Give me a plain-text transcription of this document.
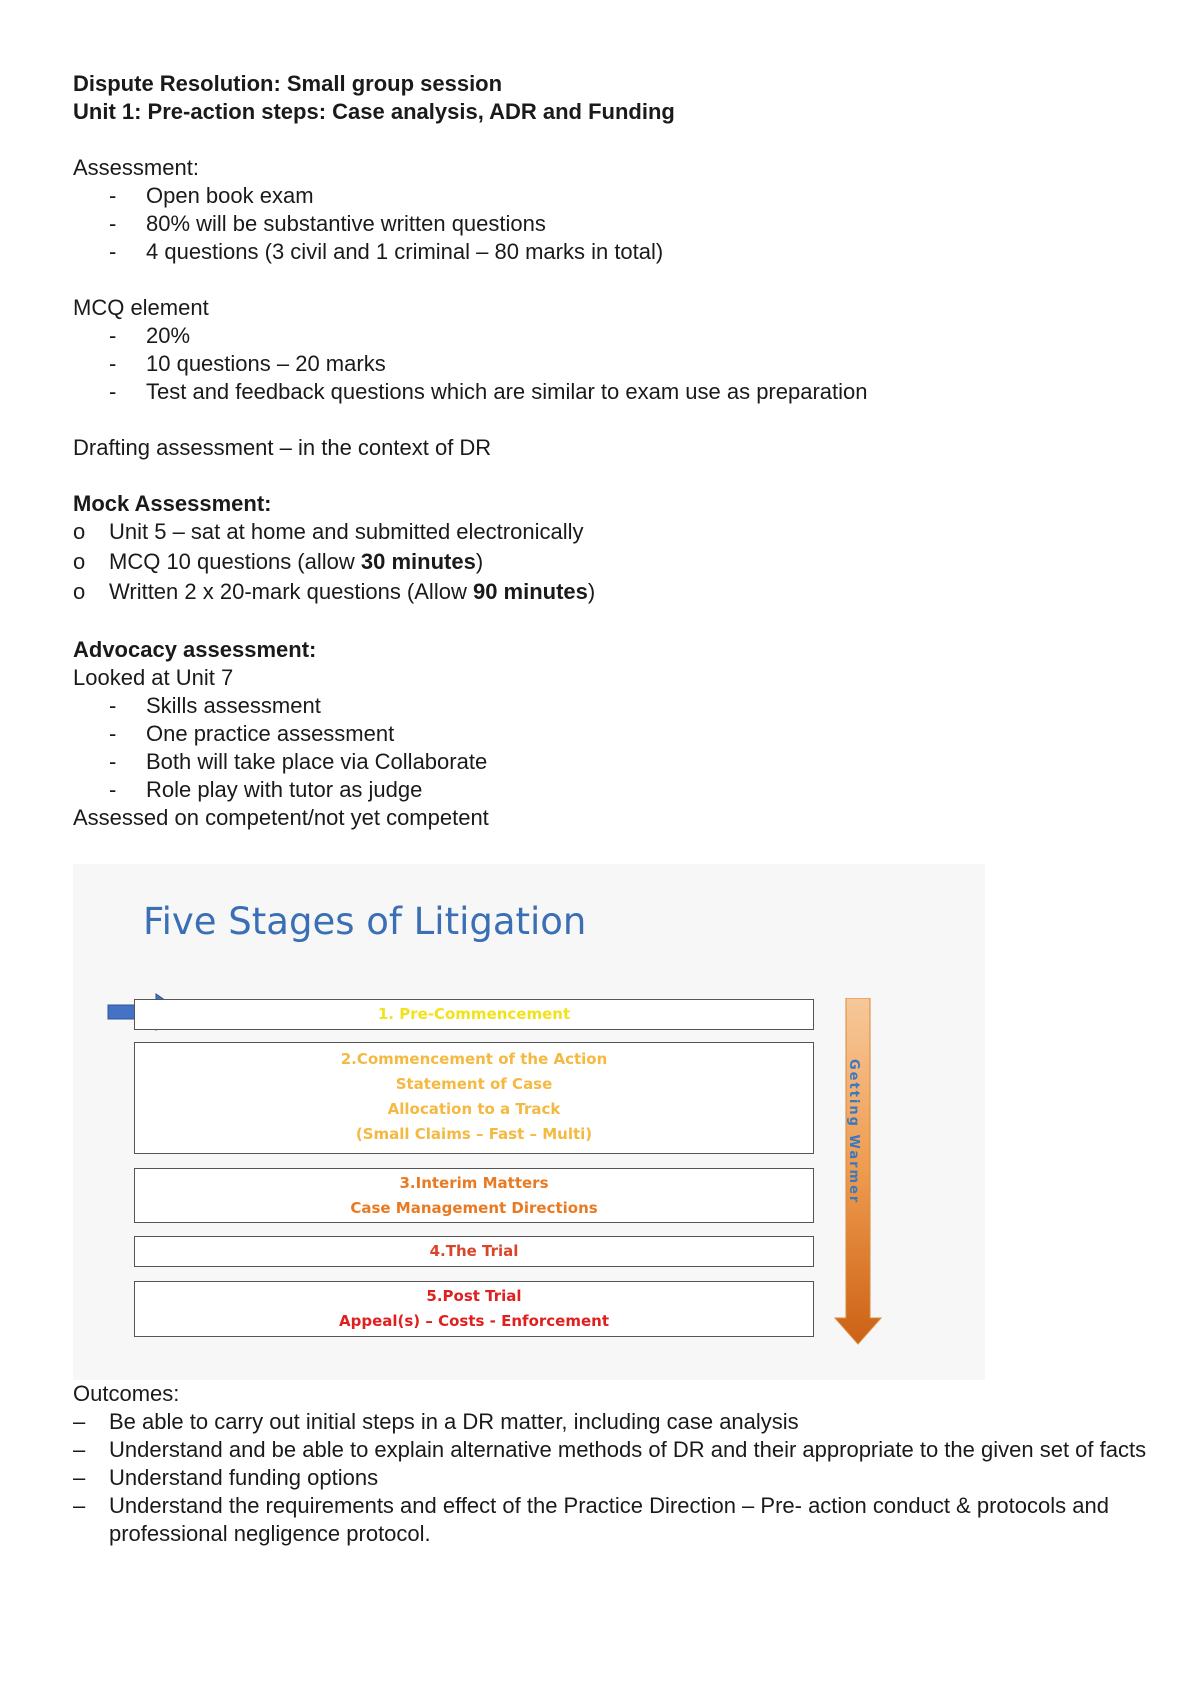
Dispute Resolution: Small group session
Unit 1: Pre-action steps: Case analysis, ADR and Funding
Assessment:
- Open book exam
- 80% will be substantive written questions
- 4 questions (3 civil and 1 criminal – 80 marks in total)
MCQ element
- 20%
- 10 questions – 20 marks
- Test and feedback questions which are similar to exam use as preparation
Drafting assessment – in the context of DR
Mock Assessment:
o Unit 5 – sat at home and submitted electronically
o MCQ 10 questions (allow 30 minutes)
o Written 2 x 20-mark questions (Allow 90 minutes)
Advocacy assessment:
Looked at Unit 7
- Skills assessment
- One practice assessment
- Both will take place via Collaborate
- Role play with tutor as judge
Assessed on competent/not yet competent
Five Stages of Litigation
1. Pre-Commencement
2.Commencement of the Action
Statement of Case
Allocation to a Track
(Small Claims – Fast – Multi)
3.Interim Matters
Case Management Directions
4.The Trial
5.Post Trial
Appeal(s) – Costs - Enforcement
Getting Warmer
Outcomes:
– Be able to carry out initial steps in a DR matter, including case analysis
– Understand and be able to explain alternative methods of DR and their appropriate to the given set of facts
– Understand funding options
– Understand the requirements and effect of the Practice Direction – Pre- action conduct & protocols and professional negligence protocol.
